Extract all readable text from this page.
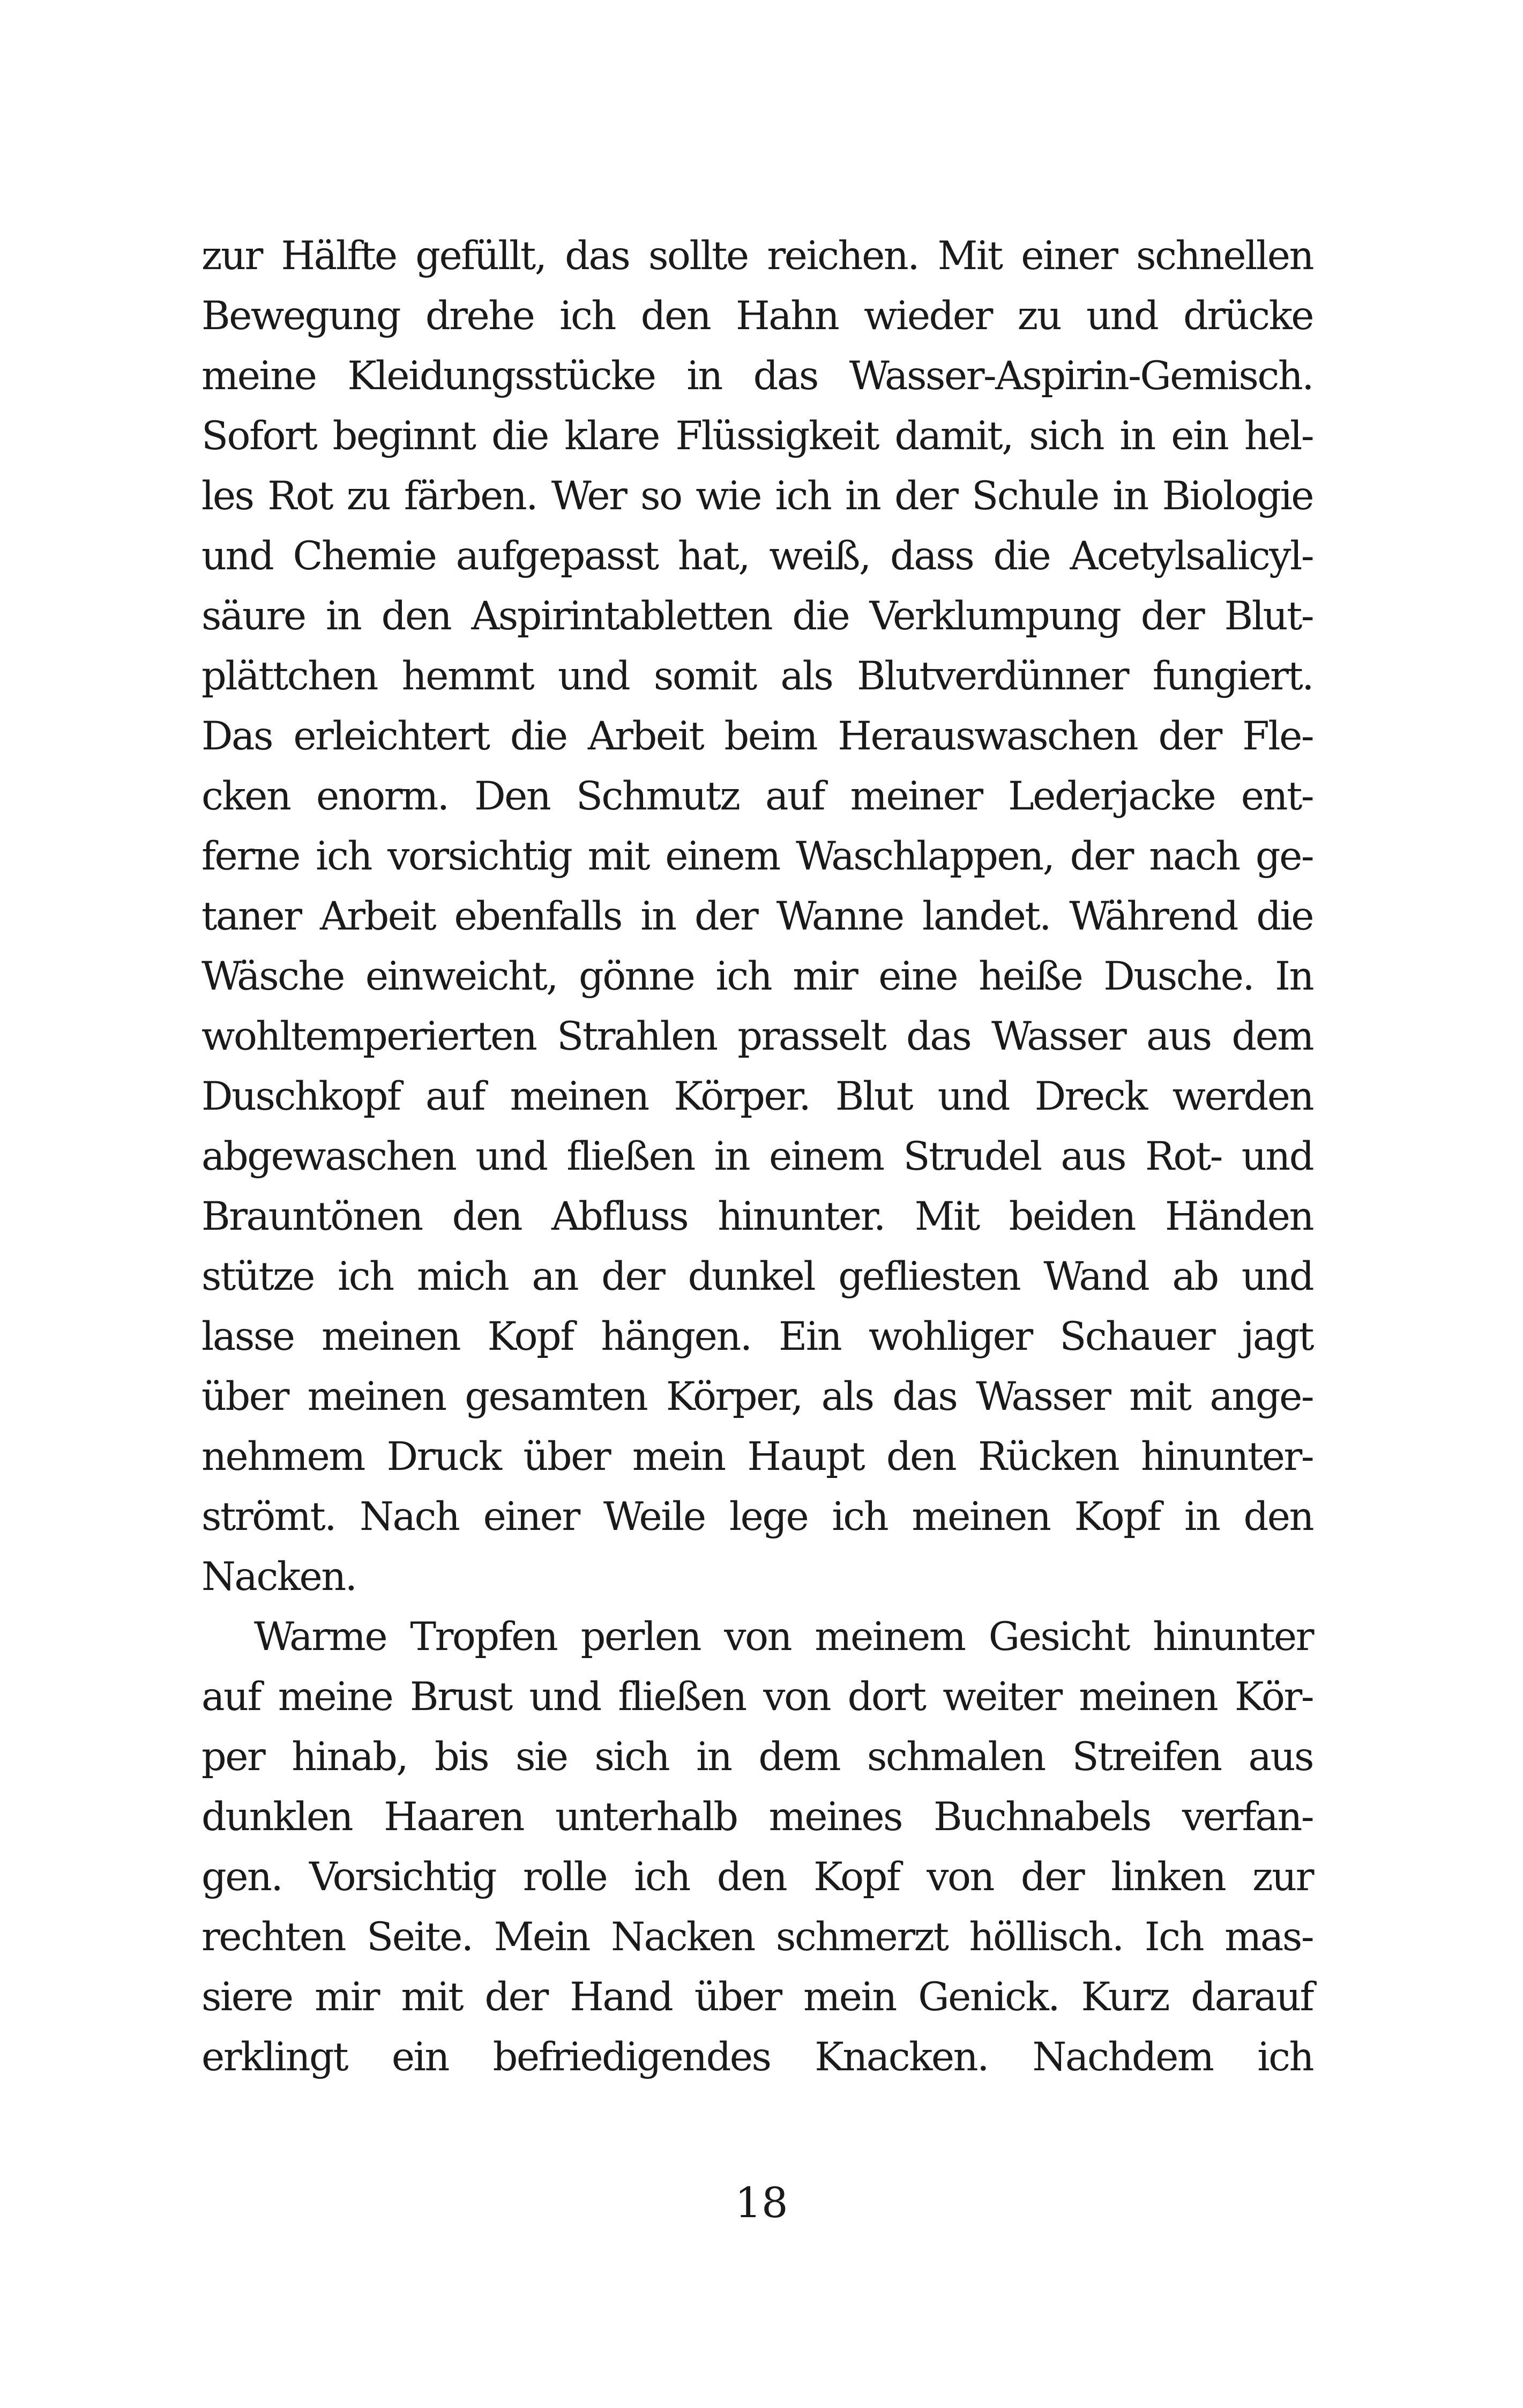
zur Hälfte gefüllt, das sollte reichen. Mit einer schnellen
Bewegung drehe ich den Hahn wieder zu und drücke
meine Kleidungsstücke in das Wasser-Aspirin-Gemisch.
Sofort beginnt die klare Flüssigkeit damit, sich in ein hel-
les Rot zu färben. Wer so wie ich in der Schule in Biologie
und Chemie aufgepasst hat, weiß, dass die Acetylsalicyl-
säure in den Aspirintabletten die Verklumpung der Blut-
plättchen hemmt und somit als Blutverdünner fungiert.
Das erleichtert die Arbeit beim Herauswaschen der Fle-
cken enorm. Den Schmutz auf meiner Lederjacke ent-
ferne ich vorsichtig mit einem Waschlappen, der nach ge-
taner Arbeit ebenfalls in der Wanne landet. Während die
Wäsche einweicht, gönne ich mir eine heiße Dusche. In
wohltemperierten Strahlen prasselt das Wasser aus dem
Duschkopf auf meinen Körper. Blut und Dreck werden
abgewaschen und fließen in einem Strudel aus Rot- und
Brauntönen den Abfluss hinunter. Mit beiden Händen
stütze ich mich an der dunkel gefliesten Wand ab und
lasse meinen Kopf hängen. Ein wohliger Schauer jagt
über meinen gesamten Körper, als das Wasser mit ange-
nehmem Druck über mein Haupt den Rücken hinunter-
strömt. Nach einer Weile lege ich meinen Kopf in den
Nacken.
Warme Tropfen perlen von meinem Gesicht hinunter
auf meine Brust und fließen von dort weiter meinen Kör-
per hinab, bis sie sich in dem schmalen Streifen aus
dunklen Haaren unterhalb meines Buchnabels verfan-
gen. Vorsichtig rolle ich den Kopf von der linken zur
rechten Seite. Mein Nacken schmerzt höllisch. Ich mas-
siere mir mit der Hand über mein Genick. Kurz darauf
erklingt ein befriedigendes Knacken. Nachdem ich
18
